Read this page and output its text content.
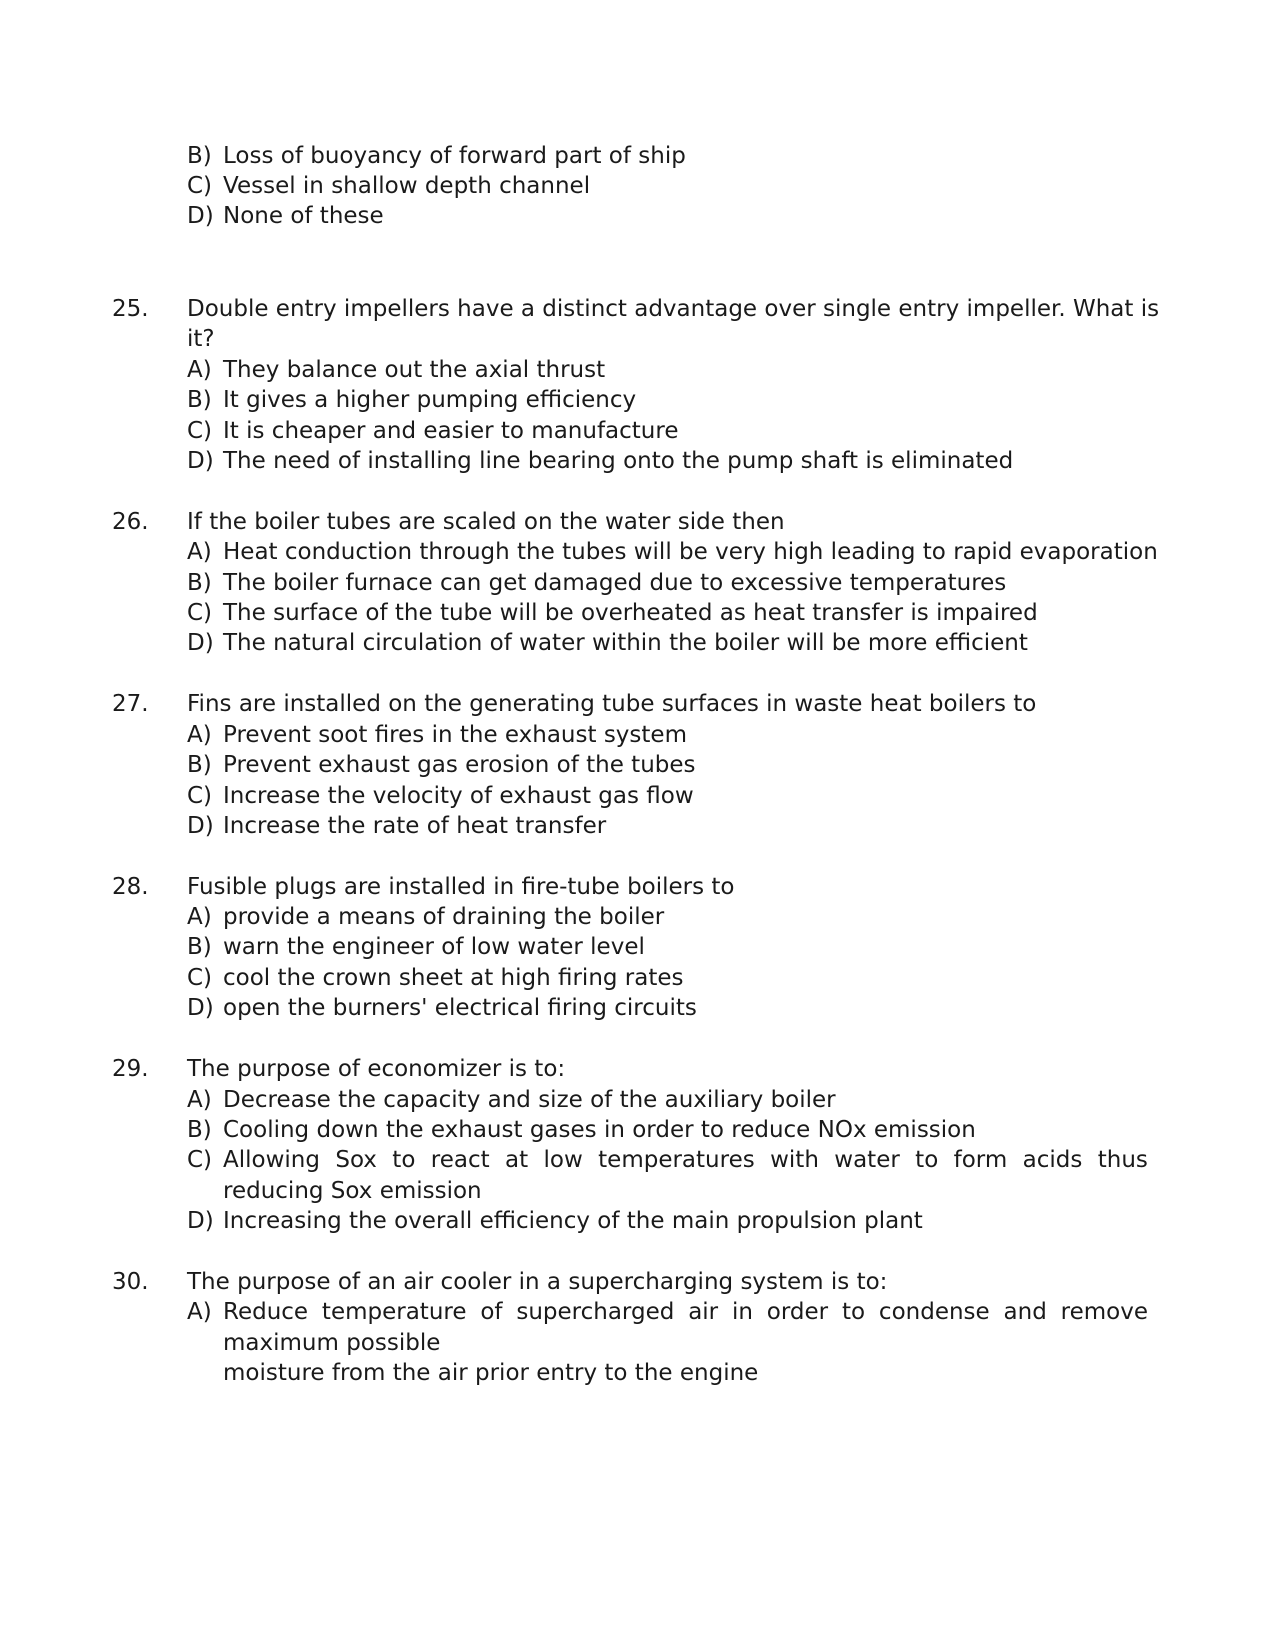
B) Loss of buoyancy of forward part of ship
C) Vessel in shallow depth channel
D) None of these
25. Double entry impellers have a distinct advantage over single entry impeller. What is
it?
A) They balance out the axial thrust
B) It gives a higher pumping efficiency
C) It is cheaper and easier to manufacture
D) The need of installing line bearing onto the pump shaft is eliminated
26. If the boiler tubes are scaled on the water side then
A) Heat conduction through the tubes will be very high leading to rapid evaporation
B) The boiler furnace can get damaged due to excessive temperatures
C) The surface of the tube will be overheated as heat transfer is impaired
D) The natural circulation of water within the boiler will be more efficient
27. Fins are installed on the generating tube surfaces in waste heat boilers to
A) Prevent soot fires in the exhaust system
B) Prevent exhaust gas erosion of the tubes
C) Increase the velocity of exhaust gas flow
D) Increase the rate of heat transfer
28. Fusible plugs are installed in fire-tube boilers to
A) provide a means of draining the boiler
B) warn the engineer of low water level
C) cool the crown sheet at high firing rates
D) open the burners' electrical firing circuits
29. The purpose of economizer is to:
A) Decrease the capacity and size of the auxiliary boiler
B) Cooling down the exhaust gases in order to reduce NOx emission
C) Allowing Sox to react at low temperatures with water to form acids thus
reducing Sox emission
D) Increasing the overall efficiency of the main propulsion plant
30. The purpose of an air cooler in a supercharging system is to:
A) Reduce temperature of supercharged air in order to condense and remove
maximum possible
moisture from the air prior entry to the engine
